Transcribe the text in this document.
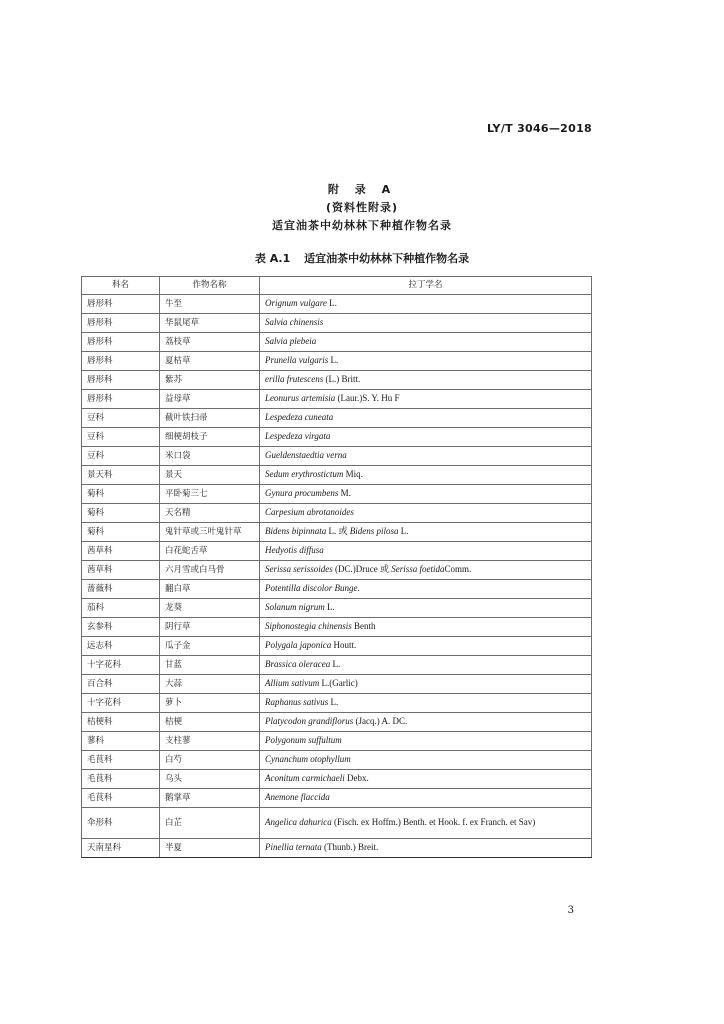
LY/T 3046—2018
附 录 A
(资料性附录)
适宜油茶中幼林林下种植作物名录
表 A.1 适宜油茶中幼林林下种植作物名录
科名	作物名称	拉丁学名
唇形科	牛至	Orignum vulgare L.
唇形科	华鼠尾草	Salvia chinensis
唇形科	荔枝草	Salvia plebeia
唇形科	夏枯草	Prunella vulgaris L.
唇形科	紫苏	erilla frutescens (L.) Britt.
唇形科	益母草	Leonurus artemisia (Laur.)S. Y. Hu F
豆科	截叶铁扫帚	Lespedeza cuneata
豆科	细梗胡枝子	Lespedeza virgata
豆科	米口袋	Gueldenstaedtia verna
景天科	景天	Sedum erythrostictum Miq.
菊科	平卧菊三七	Gynura procumbens M.
菊科	天名精	Carpesium abrotanoides
菊科	鬼针草或三叶鬼针草	Bidens bipinnata L. 或 Bidens pilosa L.
茜草科	白花蛇舌草	Hedyotis diffusa
茜草科	六月雪或白马骨	Serissa serissoides (DC.)Druce 或 Serissa foetidaComm.
蔷薇科	翻白草	Potentilla discolor Bunge.
茄科	龙葵	Solanum nigrum L.
玄参科	阴行草	Siphonostegia chinensis Benth
远志科	瓜子金	Polygala japonica Houtt.
十字花科	甘蓝	Brassica oleracea L.
百合科	大蒜	Allium sativum L.(Garlic)
十字花科	萝卜	Raphanus sativus L.
桔梗科	桔梗	Platycodon grandiflorus (Jacq.) A. DC.
蓼科	支柱蓼	Polygonum suffultum
毛茛科	白芍	Cynanchum otophyllum
毛茛科	乌头	Aconitum carmichaeli Debx.
毛茛科	鹅掌草	Anemone flaccida
伞形科	白芷	Angelica dahurica (Fisch. ex Hoffm.) Benth. et Hook. f. ex Franch. et Sav)
天南星科	半夏	Pinellia ternata (Thunb.) Breit.
3
